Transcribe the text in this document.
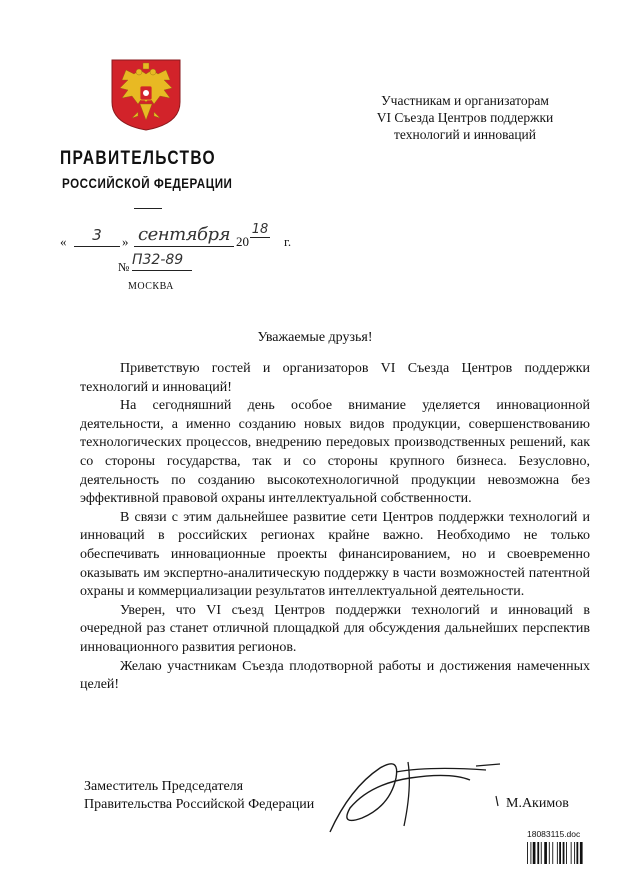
ПРАВИТЕЛЬСТВО
РОССИЙСКОЙ ФЕДЕРАЦИИ
«	3	» сентября 20
18
г.
№ П32-89
МОСКВА
Участникам и организаторам
VI Съезда Центров поддержки
технологий и инноваций
Уважаемые друзья!

Приветствую гостей и организаторов VI Съезда Центров поддержки технологий и инноваций!

На сегодняшний день особое внимание уделяется инновационной деятельности, а именно созданию новых видов продукции, совершенствованию технологических процессов, внедрению передовых производственных решений, как со стороны государства, так и со стороны крупного бизнеса. Безусловно, деятельность по созданию высокотехнологичной продукции невозможна без эффективной правовой охраны интеллектуальной собственности.

В связи с этим дальнейшее развитие сети Центров поддержки технологий и инноваций в российских регионах крайне важно. Необходимо не только обеспечивать инновационные проекты финансированием, но и своевременно оказывать им экспертно-аналитическую поддержку в части возможностей патентной охраны и коммерциализации результатов интеллектуальной деятельности.

Уверен, что VI съезд Центров поддержки технологий и инноваций в очередной раз станет отличной площадкой для обсуждения дальнейших перспектив инновационного развития регионов.

Желаю участникам Съезда плодотворной работы и достижения намеченных целей!

Заместитель Председателя
Правительства Российской Федерации	М.Акимов
18083115.doc
